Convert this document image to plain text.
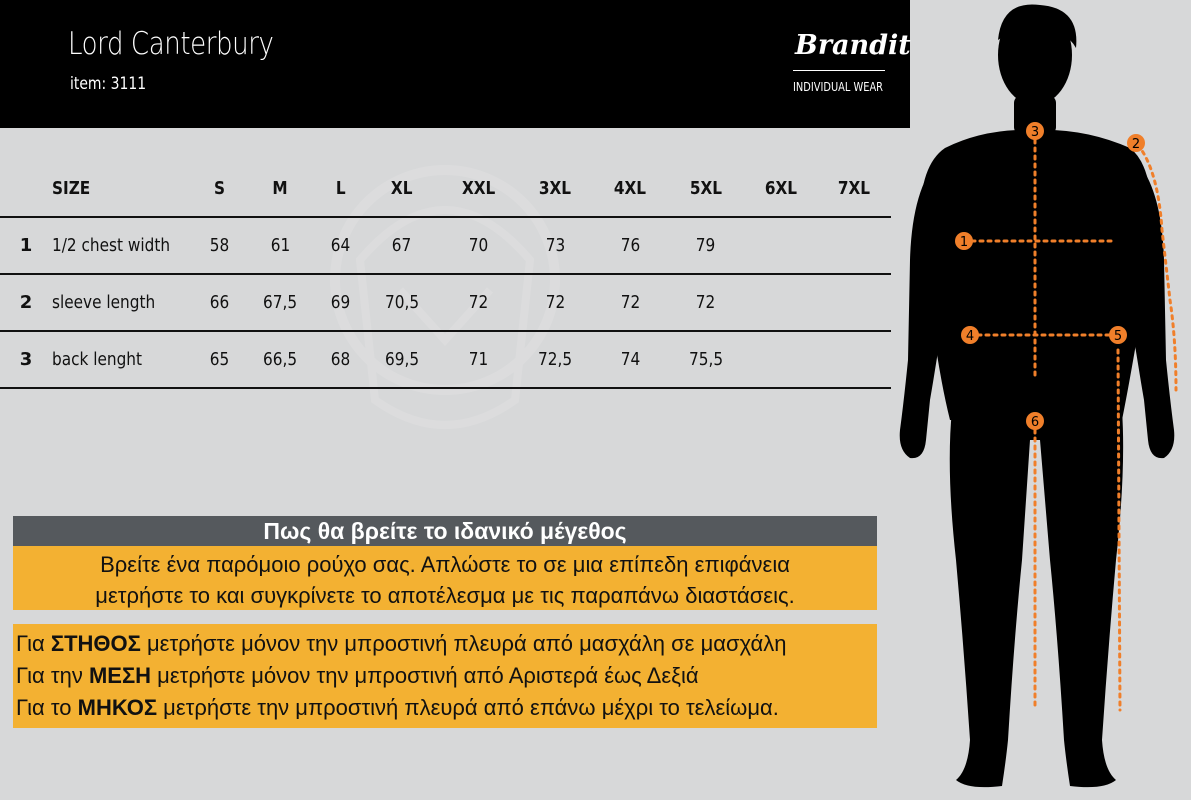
Lord Canterbury
item: 3111
Brandit
INDIVIDUAL WEAR
	SIZE	S	M	L	XL	XXL	3XL	4XL	5XL	6XL	7XL
1	1/2 chest width	58	61	64	67	70	73	76	79		
2	sleeve length	66	67,5	69	70,5	72	72	72	72		
3	back lenght	65	66,5	68	69,5	71	72,5	74	75,5		
Πως θα βρείτε το ιδανικό μέγεθος
Βρείτε ένα παρόμοιο ρούχο σας. Απλώστε το σε μια επίπεδη επιφάνεια
μετρήστε το και συγκρίνετε το αποτέλεσμα με τις παραπάνω διαστάσεις.
Για ΣΤΗΘΟΣ μετρήστε μόνον την μπροστινή πλευρά από μασχάλη σε μασχάλη
Για την ΜΕΣΗ μετρήστε μόνον την μπροστινή από Αριστερά έως Δεξιά
Για το ΜΗΚΟΣ μετρήστε την μπροστινή πλευρά από επάνω μέχρι το τελείωμα.
1
2
3
4	5
6
